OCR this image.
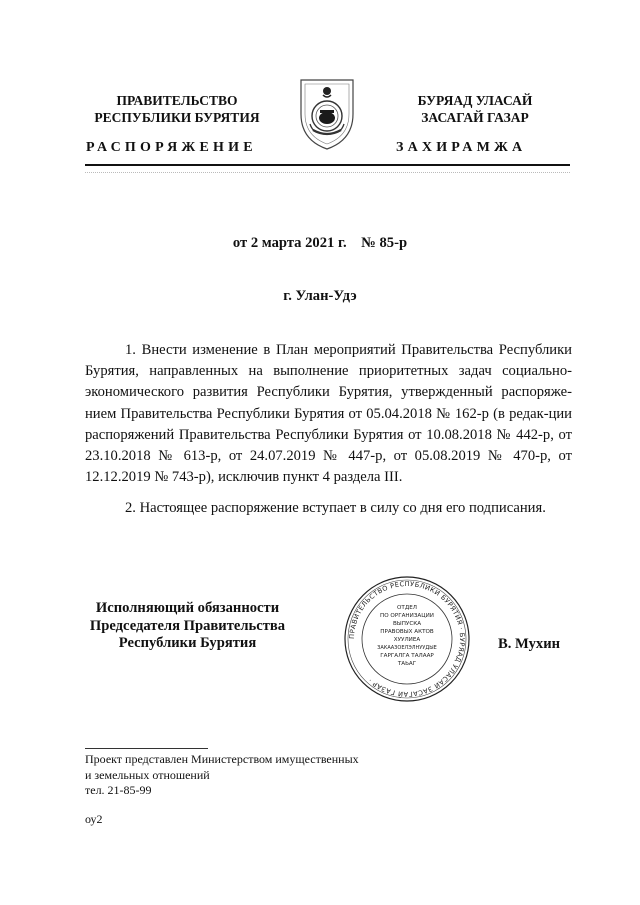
ПРАВИТЕЛЬСТВО
РЕСПУБЛИКИ БУРЯТИЯ
БУРЯАД УЛАСАЙ
ЗАСАГАЙ ГАЗАР
РАСПОРЯЖЕНИЕ	ЗАХИРАМЖА
от 2 марта 2021 г.    № 85-р
г. Улан-Удэ

1. Внести изменение в План мероприятий Правительства Республики Бурятия, направленных на выполнение приоритетных задач социально-экономического развития Республики Бурятия, утвержденный распоряже-нием Правительства Республики Бурятия от 05.04.2018 № 162-р (в редак-ции распоряжений Правительства Республики Бурятия от 10.08.2018 № 442-р, от 23.10.2018 № 613-р, от 24.07.2019 № 447-р, от 05.08.2019 № 470-р, от 12.12.2019 № 743-р), исключив пункт 4 раздела III.

2. Настоящее распоряжение вступает в силу со дня его подписания.

Исполняющий обязанности
Председателя Правительства
Республики Бурятия	В. Мухин
ПРАВИТЕЛЬСТВО РЕСПУБЛИКИ БУРЯТИЯ · БУРЯАД УЛАСАЙ ЗАСАГАЙ ГАЗАР ·
ОТДЕЛ
ПО ОРГАНИЗАЦИИ
ВЫПУСКА
ПРАВОВЫХ АКТОВ
ХУУЛИЕА
ЗАКААЗОЕЛЭЛНУУДЫЕ
ГАРГАЛГА ТАЛААР
ТАЬАГ
Проект представлен Министерством имущественных
и земельных отношений
тел. 21-85-99
оу2
